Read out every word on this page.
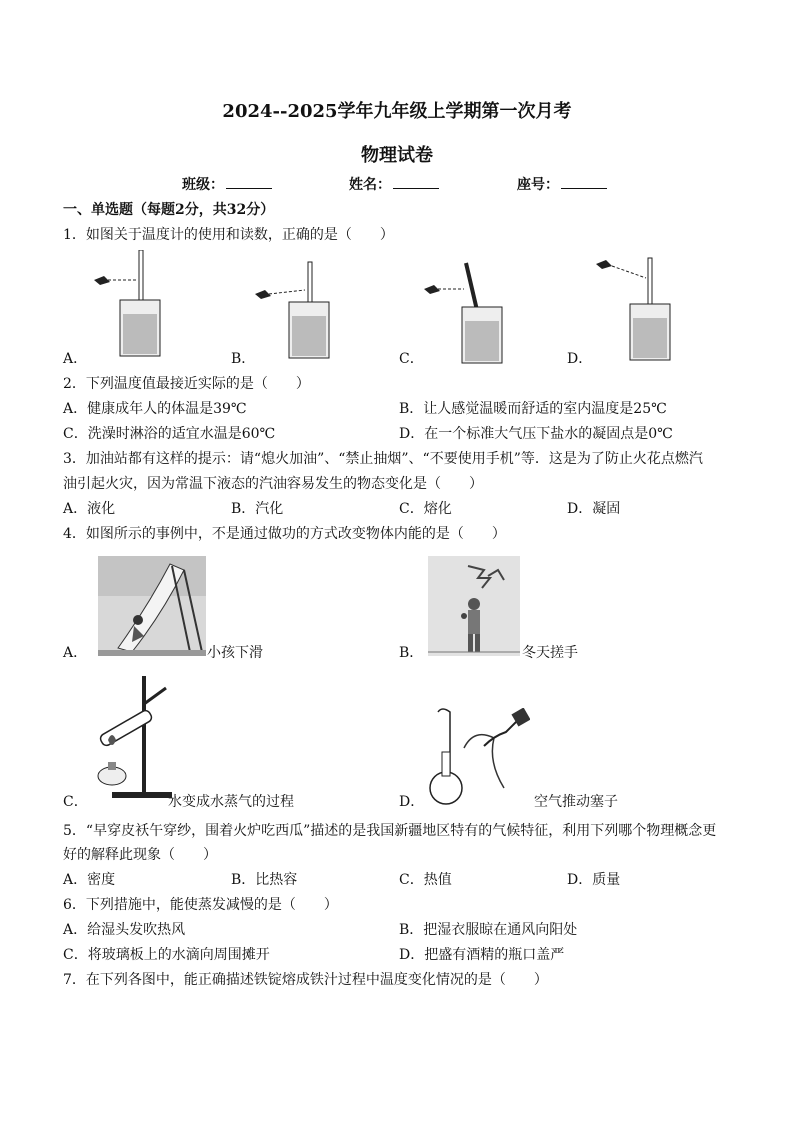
2024--2025学年九年级上学期第一次月考
物理试卷
班级：	姓名：	座号：
一、单选题（每题2分，共32分）
1．如图关于温度计的使用和读数，正确的是（　　）
A．	B．	C．	D．
2．下列温度值最接近实际的是（　　）
A．健康成年人的体温是39℃	B．让人感觉温暖而舒适的室内温度是25℃
C．洗澡时淋浴的适宜水温是60℃	D．在一个标准大气压下盐水的凝固点是0℃
3．加油站都有这样的提示：请“熄火加油”、“禁止抽烟”、“不要使用手机”等．这是为了防止火花点燃汽
油引起火灾，因为常温下液态的汽油容易发生的物态变化是（　　）
A．液化	B．汽化	C．熔化	D．凝固
4．如图所示的事例中，不是通过做功的方式改变物体内能的是（　　）
A．	小孩下滑	B．	冬天搓手
C．	水变成水蒸气的过程	D．	空气推动塞子
5．“早穿皮袄午穿纱，围着火炉吃西瓜”描述的是我国新疆地区特有的气候特征，利用下列哪个物理概念更
好的解释此现象（　　）
A．密度	B．比热容	C．热值	D．质量
6．下列措施中，能使蒸发减慢的是（　　）
A．给湿头发吹热风	B．把湿衣服晾在通风向阳处
C．将玻璃板上的水滴向周围摊开	D．把盛有酒精的瓶口盖严
7．在下列各图中，能正确描述铁锭熔成铁汁过程中温度变化情况的是（　　）
